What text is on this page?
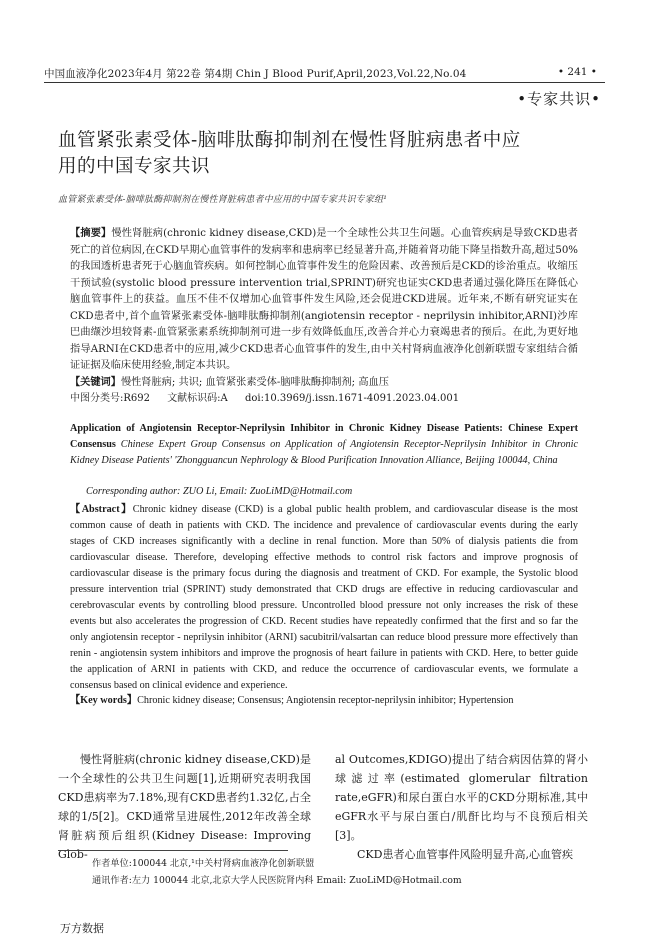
中国血液净化2023年4月 第22卷 第4期 Chin J Blood Purif,April,2023,Vol.22,No.04	• 241 •
•专家共识•
血管紧张素受体-脑啡肽酶抑制剂在慢性肾脏病患者中应用的中国专家共识
血管紧张素受体-脑啡肽酶抑制剂在慢性肾脏病患者中应用的中国专家共识专家组¹
【摘要】慢性肾脏病(chronic kidney disease,CKD)是一个全球性公共卫生问题。心血管疾病是导致CKD患者死亡的首位病因,在CKD早期心血管事件的发病率和患病率已经显著升高,并随着肾功能下降呈指数升高,超过50%的我国透析患者死于心脑血管疾病。如何控制心血管事件发生的危险因素、改善预后是CKD的诊治重点。收缩压干预试验(systolic blood pressure intervention trial,SPRINT)研究也证实CKD患者通过强化降压在降低心脑血管事件上的获益。血压不佳不仅增加心血管事件发生风险,还会促进CKD进展。近年来,不断有研究证实在CKD患者中,首个血管紧张素受体-脑啡肽酶抑制剂(angiotensin receptor - neprilysin inhibitor,ARNI)沙库巴曲缬沙坦较肾素-血管紧张素系统抑制剂可进一步有效降低血压,改善合并心力衰竭患者的预后。在此,为更好地指导ARNI在CKD患者中的应用,减少CKD患者心血管事件的发生,由中关村肾病血液净化创新联盟专家组结合循证证据及临床使用经验,制定本共识。
【关键词】慢性肾脏病; 共识; 血管紧张素受体-脑啡肽酶抑制剂; 高血压
中图分类号:R692 文献标识码:A doi:10.3969/j.issn.1671-4091.2023.04.001
Application of Angiotensin Receptor-Neprilysin Inhibitor in Chronic Kidney Disease Patients: Chinese Expert Consensus Chinese Expert Group Consensus on Application of Angiotensin Receptor-Neprilysin Inhibitor in Chronic Kidney Disease Patients' 'Zhongguancun Nephrology & Blood Purification Innovation Alliance, Beijing 100044, China
Corresponding author: ZUO Li, Email: ZuoLiMD@Hotmail.com
【Abstract】Chronic kidney disease (CKD) is a global public health problem, and cardiovascular disease is the most common cause of death in patients with CKD. The incidence and prevalence of cardiovascular events during the early stages of CKD increases significantly with a decline in renal function. More than 50% of dialysis patients die from cardiovascular disease. Therefore, developing effective methods to control risk factors and improve prognosis of cardiovascular disease is the primary focus during the diagnosis and treatment of CKD. For example, the Systolic blood pressure intervention trial (SPRINT) study demonstrated that CKD drugs are effective in reducing cardiovascular and cerebrovascular events by controlling blood pressure. Uncontrolled blood pressure not only increases the risk of these events but also accelerates the progression of CKD. Recent studies have repeatedly confirmed that the first and so far the only angiotensin receptor - neprilysin inhibitor (ARNI) sacubitril/valsartan can reduce blood pressure more effectively than renin - angiotensin system inhibitors and improve the prognosis of heart failure in patients with CKD. Here, to better guide the application of ARNI in patients with CKD, and reduce the occurrence of cardiovascular events, we formulate a consensus based on clinical evidence and experience.
【Key words】Chronic kidney disease; Consensus; Angiotensin receptor-neprilysin inhibitor; Hypertension
慢性肾脏病(chronic kidney disease,CKD)是一个全球性的公共卫生问题[1],近期研究表明我国CKD患病率为7.18%,现有CKD患者约1.32亿,占全球的1/5[2]。CKD通常呈进展性,2012年改善全球肾脏病预后组织(Kidney Disease: Improving Glob-
al Outcomes,KDIGO)提出了结合病因估算的肾小球滤过率(estimated glomerular filtration rate,eGFR)和尿白蛋白水平的CKD分期标准,其中eGFR水平与尿白蛋白/肌酐比均与不良预后相关[3]。
CKD患者心血管事件风险明显升高,心血管疾
作者单位:100044 北京,¹中关村肾病血液净化创新联盟
通讯作者:左力 100044 北京,北京大学人民医院肾内科 Email: ZuoLiMD@Hotmail.com
万方数据
